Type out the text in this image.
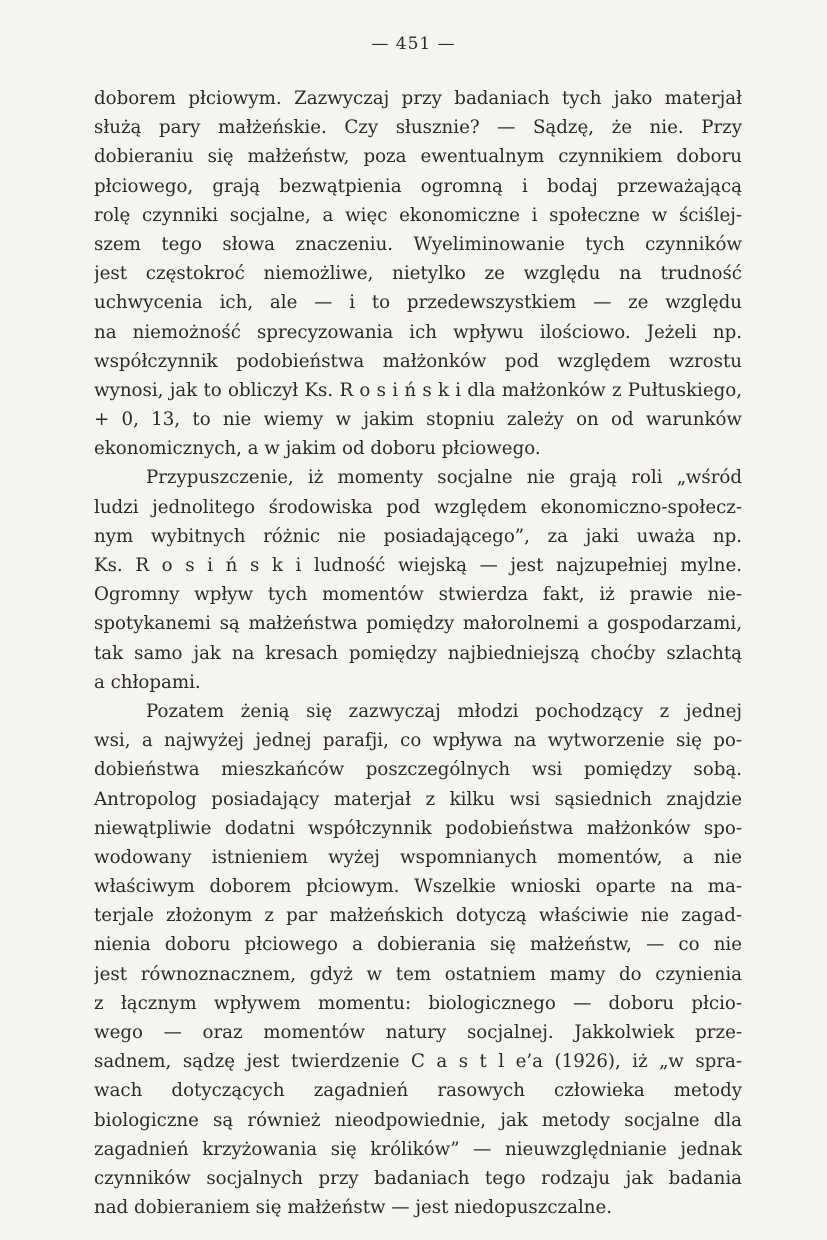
— 451 —
doborem płciowym. Zazwyczaj przy badaniach tych jako materjał
służą pary małżeńskie. Czy słusznie? — Sądzę, że nie. Przy
dobieraniu się małżeństw, poza ewentualnym czynnikiem doboru
płciowego, grają bezwątpienia ogromną i bodaj przeważającą
rolę czynniki socjalne, a więc ekonomiczne i społeczne w ściślej-
szem tego słowa znaczeniu. Wyeliminowanie tych czynników
jest częstokroć niemożliwe, nietylko ze względu na trudność
uchwycenia ich, ale — i to przedewszystkiem — ze względu
na niemożność sprecyzowania ich wpływu ilościowo. Jeżeli np.
współczynnik podobieństwa małżonków pod względem wzrostu
wynosi, jak to obliczył Ks. R o s i ń s k i dla małżonków z Pułtuskiego,
+ 0, 13, to nie wiemy w jakim stopniu zależy on od warunków
ekonomicznych, a w jakim od doboru płciowego.
Przypuszczenie, iż momenty socjalne nie grają roli „wśród
ludzi jednolitego środowiska pod względem ekonomiczno-społecz-
nym wybitnych różnic nie posiadającego”, za jaki uważa np.
Ks. R o s i ń s k i ludność wiejską — jest najzupełniej mylne.
Ogromny wpływ tych momentów stwierdza fakt, iż prawie nie-
spotykanemi są małżeństwa pomiędzy małorolnemi a gospodarzami,
tak samo jak na kresach pomiędzy najbiedniejszą choćby szlachtą
a chłopami.
Pozatem żenią się zazwyczaj młodzi pochodzący z jednej
wsi, a najwyżej jednej parafji, co wpływa na wytworzenie się po-
dobieństwa mieszkańców poszczególnych wsi pomiędzy sobą.
Antropolog posiadający materjał z kilku wsi sąsiednich znajdzie
niewątpliwie dodatni współczynnik podobieństwa małżonków spo-
wodowany istnieniem wyżej wspomnianych momentów, a nie
właściwym doborem płciowym. Wszelkie wnioski oparte na ma-
terjale złożonym z par małżeńskich dotyczą właściwie nie zagad-
nienia doboru płciowego a dobierania się małżeństw, — co nie
jest równoznacznem, gdyż w tem ostatniem mamy do czynienia
z łącznym wpływem momentu: biologicznego — doboru płcio-
wego — oraz momentów natury socjalnej. Jakkolwiek prze-
sadnem, sądzę jest twierdzenie C a s t l e’a (1926), iż „w spra-
wach dotyczących zagadnień rasowych człowieka metody
biologiczne są również nieodpowiednie, jak metody socjalne dla
zagadnień krzyżowania się królików” — nieuwzględnianie jednak
czynników socjalnych przy badaniach tego rodzaju jak badania
nad dobieraniem się małżeństw — jest niedopuszczalne.
